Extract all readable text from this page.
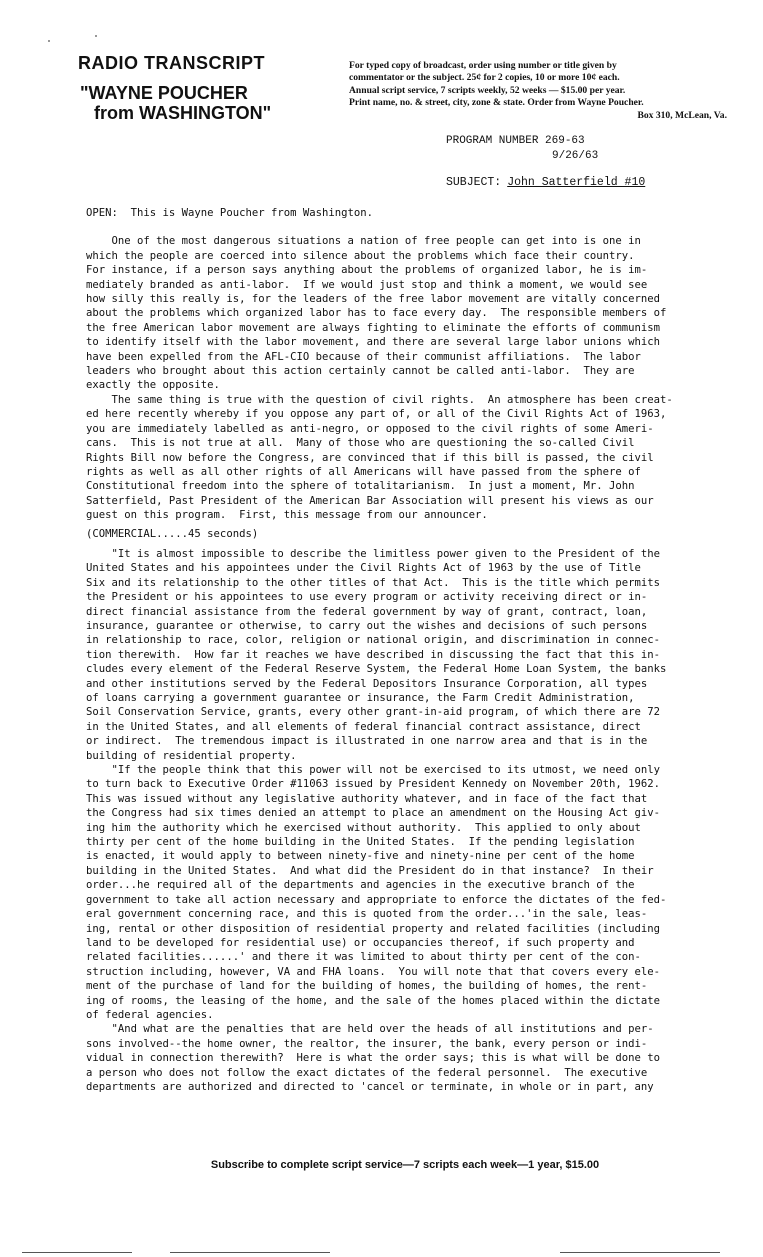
RADIO TRANSCRIPT

"WAYNE POUCHER

from WASHINGTON"

For typed copy of broadcast, order using number or title given by
commentator or the subject. 25¢ for 2 copies, 10 or more 10¢ each.
Annual script service, 7 scripts weekly, 52 weeks — $15.00 per year.
Print name, no. & street, city, zone & state. Order from Wayne Poucher.
Box 310, McLean, Va.
PROGRAM NUMBER 269-63
9/26/63
SUBJECT: John Satterfield #10
OPEN:  This is Wayne Poucher from Washington.

One of the most dangerous situations a nation of free people can get into is one in
which the people are coerced into silence about the problems which face their country.
For instance, if a person says anything about the problems of organized labor, he is im-
mediately branded as anti-labor.  If we would just stop and think a moment, we would see
how silly this really is, for the leaders of the free labor movement are vitally concerned
about the problems which organized labor has to face every day.  The responsible members of
the free American labor movement are always fighting to eliminate the efforts of communism
to identify itself with the labor movement, and there are several large labor unions which
have been expelled from the AFL-CIO because of their communist affiliations.  The labor
leaders who brought about this action certainly cannot be called anti-labor.  They are
exactly the opposite.

The same thing is true with the question of civil rights.  An atmosphere has been creat-
ed here recently whereby if you oppose any part of, or all of the Civil Rights Act of 1963,
you are immediately labelled as anti-negro, or opposed to the civil rights of some Ameri-
cans.  This is not true at all.  Many of those who are questioning the so-called Civil
Rights Bill now before the Congress, are convinced that if this bill is passed, the civil
rights as well as all other rights of all Americans will have passed from the sphere of
Constitutional freedom into the sphere of totalitarianism.  In just a moment, Mr. John
Satterfield, Past President of the American Bar Association will present his views as our
guest on this program.  First, this message from our announcer.

(COMMERCIAL.....45 seconds)

"It is almost impossible to describe the limitless power given to the President of the
United States and his appointees under the Civil Rights Act of 1963 by the use of Title
Six and its relationship to the other titles of that Act.  This is the title which permits
the President or his appointees to use every program or activity receiving direct or in-
direct financial assistance from the federal government by way of grant, contract, loan,
insurance, guarantee or otherwise, to carry out the wishes and decisions of such persons
in relationship to race, color, religion or national origin, and discrimination in connec-
tion therewith.  How far it reaches we have described in discussing the fact that this in-
cludes every element of the Federal Reserve System, the Federal Home Loan System, the banks
and other institutions served by the Federal Depositors Insurance Corporation, all types
of loans carrying a government guarantee or insurance, the Farm Credit Administration,
Soil Conservation Service, grants, every other grant-in-aid program, of which there are 72
in the United States, and all elements of federal financial contract assistance, direct
or indirect.  The tremendous impact is illustrated in one narrow area and that is in the
building of residential property.

"If the people think that this power will not be exercised to its utmost, we need only
to turn back to Executive Order #11063 issued by President Kennedy on November 20th, 1962.
This was issued without any legislative authority whatever, and in face of the fact that
the Congress had six times denied an attempt to place an amendment on the Housing Act giv-
ing him the authority which he exercised without authority.  This applied to only about
thirty per cent of the home building in the United States.  If the pending legislation
is enacted, it would apply to between ninety-five and ninety-nine per cent of the home
building in the United States.  And what did the President do in that instance?  In their
order...he required all of the departments and agencies in the executive branch of the
government to take all action necessary and appropriate to enforce the dictates of the fed-
eral government concerning race, and this is quoted from the order...'in the sale, leas-
ing, rental or other disposition of residential property and related facilities (including
land to be developed for residential use) or occupancies thereof, if such property and
related facilities......' and there it was limited to about thirty per cent of the con-
struction including, however, VA and FHA loans.  You will note that that covers every ele-
ment of the purchase of land for the building of homes, the building of homes, the rent-
ing of rooms, the leasing of the home, and the sale of the homes placed within the dictate
of federal agencies.

"And what are the penalties that are held over the heads of all institutions and per-
sons involved--the home owner, the realtor, the insurer, the bank, every person or indi-
vidual in connection therewith?  Here is what the order says; this is what will be done to
a person who does not follow the exact dictates of the federal personnel.  The executive
departments are authorized and directed to 'cancel or terminate, in whole or in part, any

Subscribe to complete script service—7 scripts each week—1 year, $15.00
